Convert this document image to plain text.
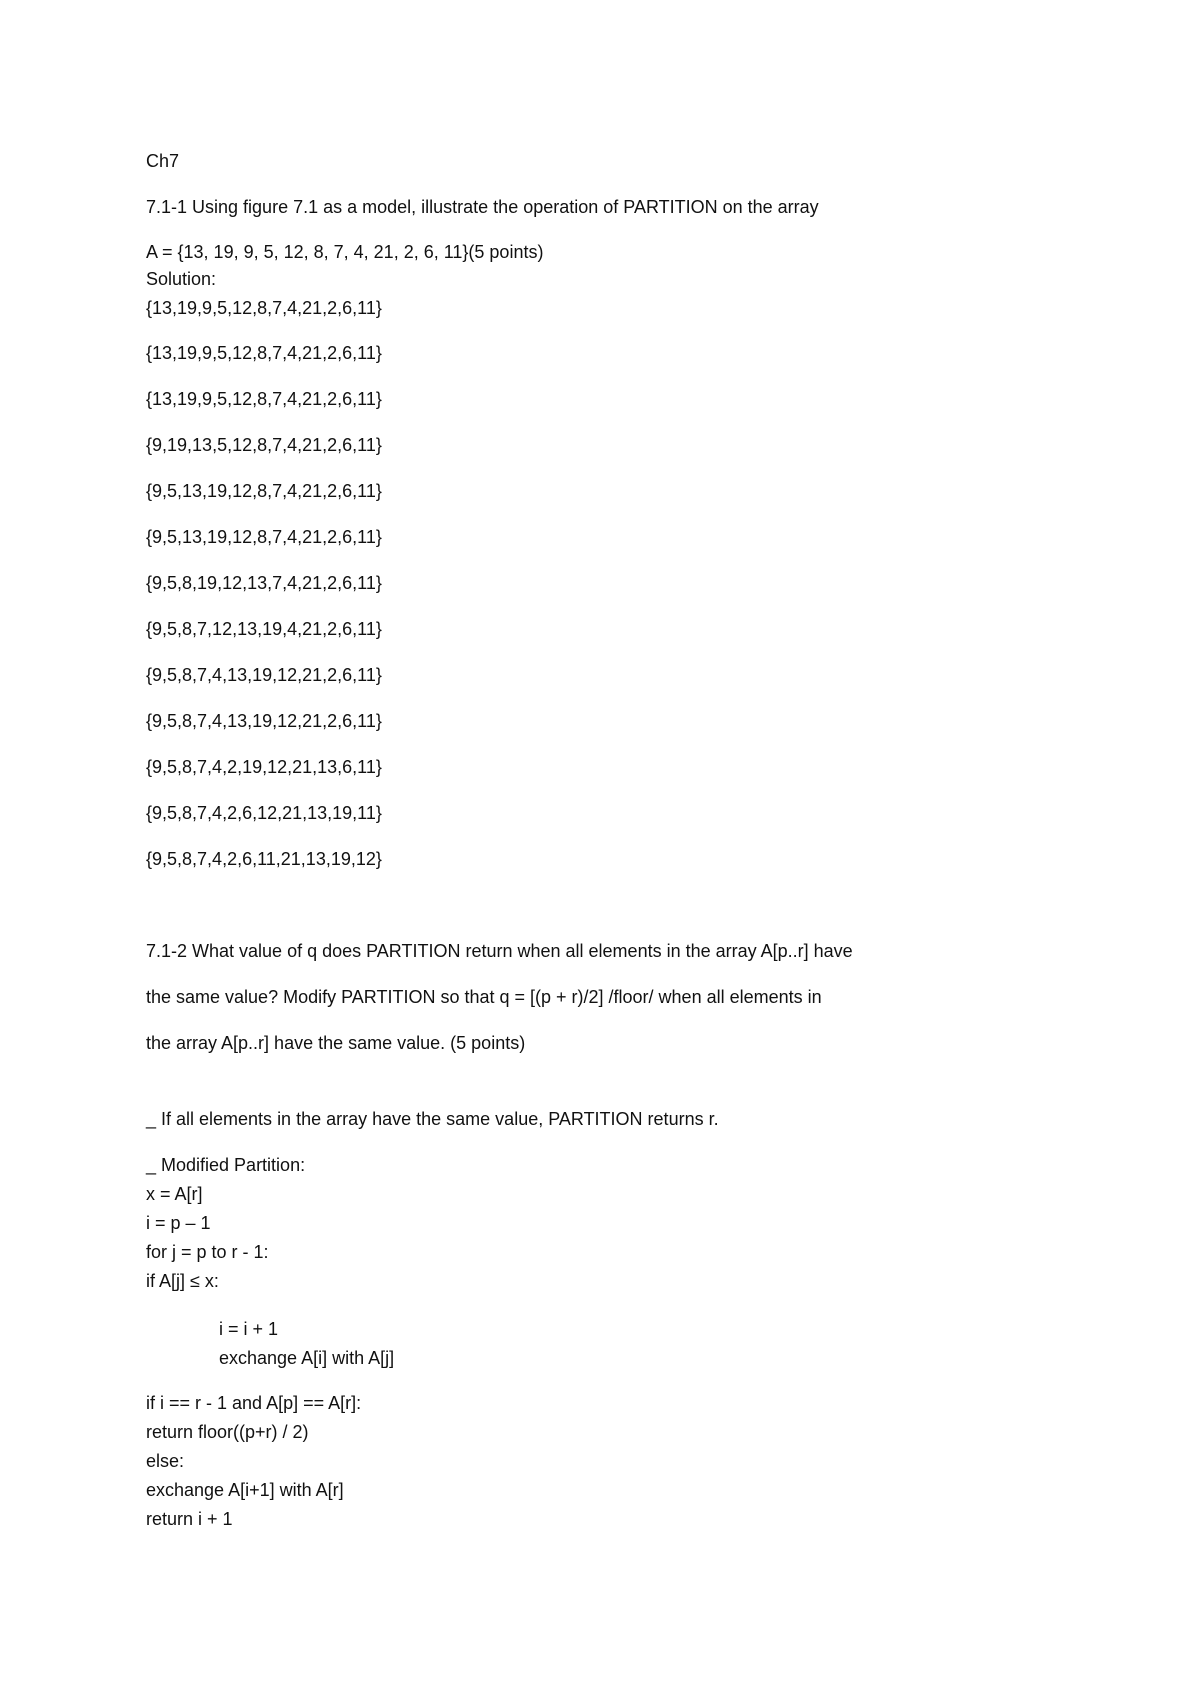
Ch7
7.1-1 Using figure 7.1 as a model, illustrate the operation of PARTITION on the array
A = {13, 19, 9, 5, 12, 8, 7, 4, 21, 2, 6, 11}(5 points)
Solution:
{13,19,9,5,12,8,7,4,21,2,6,11}
{13,19,9,5,12,8,7,4,21,2,6,11}
{13,19,9,5,12,8,7,4,21,2,6,11}
{9,19,13,5,12,8,7,4,21,2,6,11}
{9,5,13,19,12,8,7,4,21,2,6,11}
{9,5,13,19,12,8,7,4,21,2,6,11}
{9,5,8,19,12,13,7,4,21,2,6,11}
{9,5,8,7,12,13,19,4,21,2,6,11}
{9,5,8,7,4,13,19,12,21,2,6,11}
{9,5,8,7,4,13,19,12,21,2,6,11}
{9,5,8,7,4,2,19,12,21,13,6,11}
{9,5,8,7,4,2,6,12,21,13,19,11}
{9,5,8,7,4,2,6,11,21,13,19,12}
7.1-2 What value of q does PARTITION return when all elements in the array A[p..r] have
the same value? Modify PARTITION so that q = [(p + r)/2] /floor/ when all elements in
the array A[p..r] have the same value. (5 points)
_ If all elements in the array have the same value, PARTITION returns r.
_ Modified Partition:
x = A[r]
i = p – 1
for j = p to r - 1:
if A[j] ≤ x:
i = i + 1
exchange A[i] with A[j]
if i == r - 1 and A[p] == A[r]:
return floor((p+r) / 2)
else:
exchange A[i+1] with A[r]
return i + 1
